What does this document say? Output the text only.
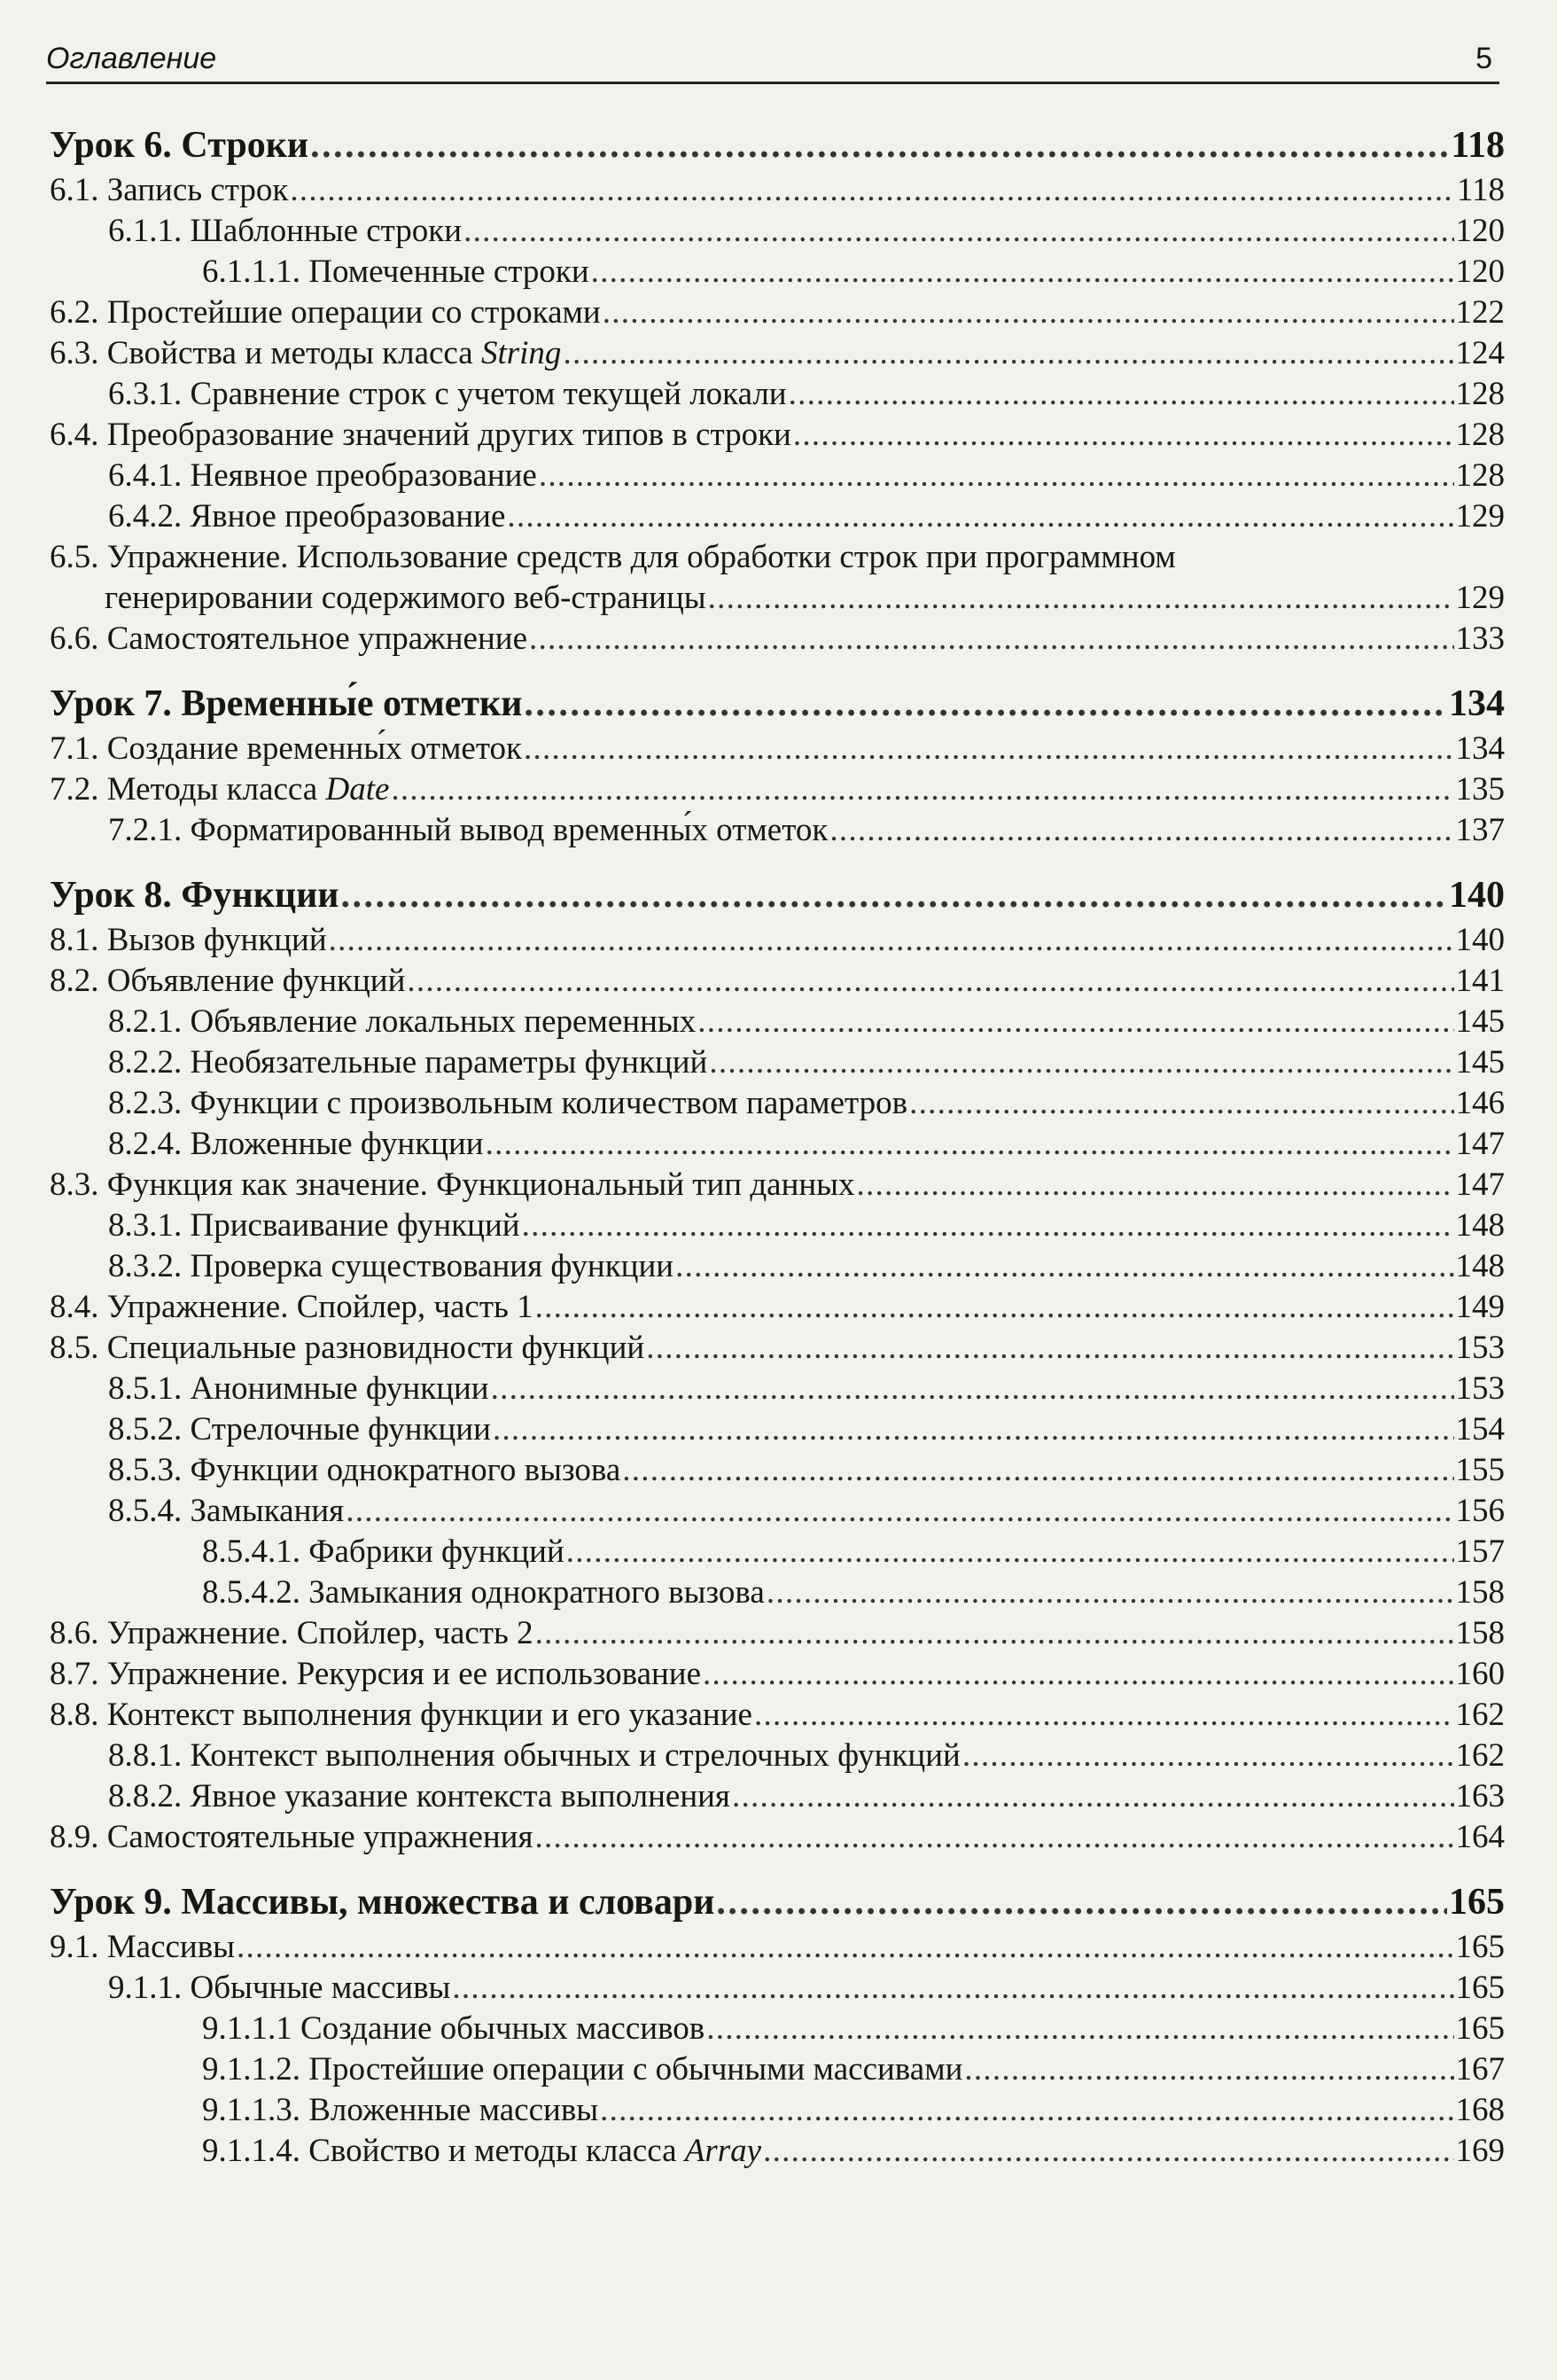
Оглавление	5
Урок 6. Строки . . .	118
6.1. Запись строк . . .	118
6.1.1. Шаблонные строки . . .	120
6.1.1.1. Помеченные строки . . .	120
6.2. Простейшие операции со строками . . .	122
6.3. Свойства и методы класса String . . .	124
6.3.1. Сравнение строк с учетом текущей локали . . .	128
6.4. Преобразование значений других типов в строки . . .	128
6.4.1. Неявное преобразование . . .	128
6.4.2. Явное преобразование . . .	129
6.5. Упражнение. Использование средств для обработки строк при программном
генерировании содержимого веб-страницы . . .	129
6.6. Самостоятельное упражнение . . .	133
Урок 7. Временны́е отметки . . .	134
7.1. Создание временны́х отметок . . .	134
7.2. Методы класса Date . . .	135
7.2.1. Форматированный вывод временны́х отметок . . .	137
Урок 8. Функции . . .	140
8.1. Вызов функций . . .	140
8.2. Объявление функций . . .	141
8.2.1. Объявление локальных переменных . . .	145
8.2.2. Необязательные параметры функций . . .	145
8.2.3. Функции с произвольным количеством параметров . . .	146
8.2.4. Вложенные функции . . .	147
8.3. Функция как значение. Функциональный тип данных . . .	147
8.3.1. Присваивание функций . . .	148
8.3.2. Проверка существования функции . . .	148
8.4. Упражнение. Спойлер, часть 1 . . .	149
8.5. Специальные разновидности функций . . .	153
8.5.1. Анонимные функции . . .	153
8.5.2. Стрелочные функции . . .	154
8.5.3. Функции однократного вызова . . .	155
8.5.4. Замыкания . . .	156
8.5.4.1. Фабрики функций . . .	157
8.5.4.2. Замыкания однократного вызова . . .	158
8.6. Упражнение. Спойлер, часть 2 . . .	158
8.7. Упражнение. Рекурсия и ее использование . . .	160
8.8. Контекст выполнения функции и его указание . . .	162
8.8.1. Контекст выполнения обычных и стрелочных функций . . .	162
8.8.2. Явное указание контекста выполнения . . .	163
8.9. Самостоятельные упражнения . . .	164
Урок 9. Массивы, множества и словари . . .	165
9.1. Массивы . . .	165
9.1.1. Обычные массивы . . .	165
9.1.1.1 Создание обычных массивов . . .	165
9.1.1.2. Простейшие операции с обычными массивами . . .	167
9.1.1.3. Вложенные массивы . . .	168
9.1.1.4. Свойство и методы класса Array . . .	169
